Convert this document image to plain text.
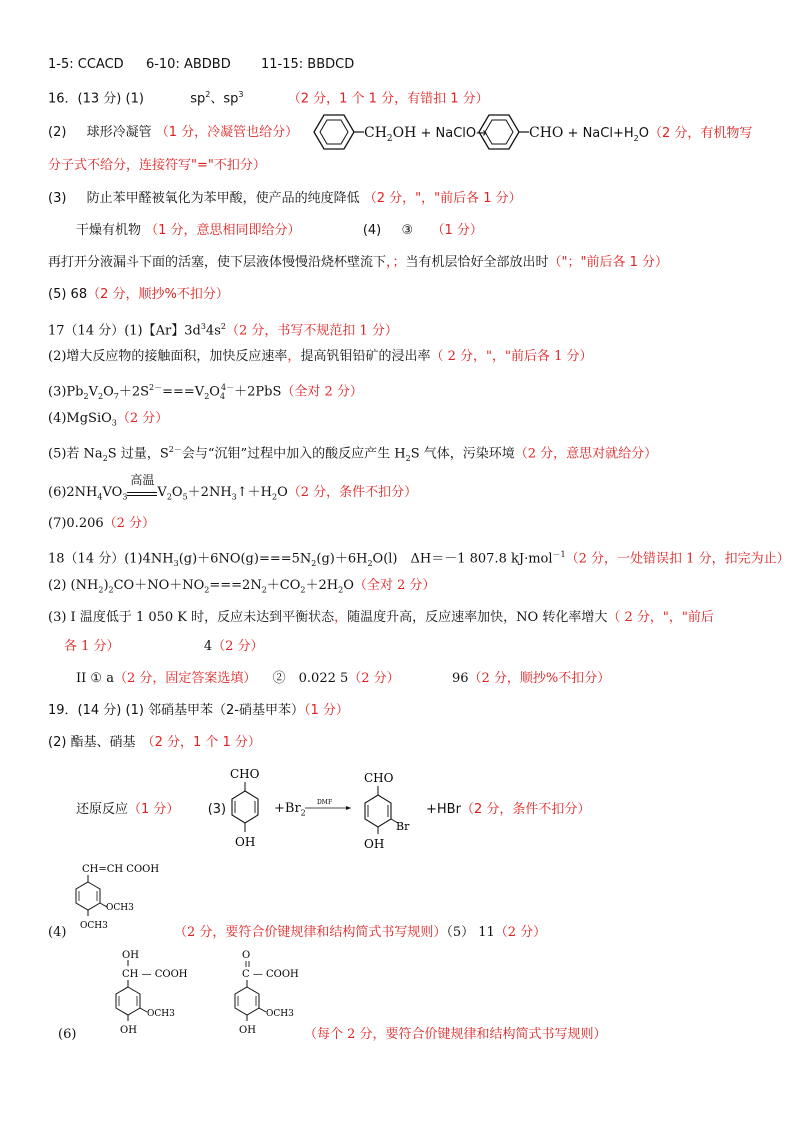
1-5: CCACD 6-10: ABDBD 11-15: BBDCD
16．(13 分) (1)	$sp^2$、$sp^3$	（2 分，1 个 1 分，有错扣 1 分）
(2) 球形冷凝管 （1 分，冷凝管也给分）	$CH_2OH$ + NaClO→	CHO + $NaCl+H_2O(2$ 分，有机物写
分子式不给分，连接符写"="不扣分）
(3) 防止苯甲醛被氧化为苯甲酸，使产品的纯度降低 （2 分，"，"前后各 1 分）
干燥有机物 （1 分，意思相同即给分）	(4) ③ （1 分）
再打开分液漏斗下面的活塞，使下层液体慢慢沿烧杯壁流下，；当有机层恰好全部放出时（"；"前后各 1 分）
(5) 68（2 分，顺抄%不扣分）
17（14 分）(1)【Ar】$3d^34s^2(2$ 分，书写不规范扣 1 分）
(2)增大反应物的接触面积，加快反应速率，提高钒钼铅矿的浸出率（ 2 分，"，"前后各 1 分）
$(3)Pb_2V_2O_7+2S^{2-}===V_2O_4^{4-}+2PbS$（全对 2 分）
(4)MgSiO$_3$（2 分）
(5)若 $Na_2S$ 过量，$S^{2-}$会与“沉钼”过程中加入的酸反应产生 $H_2S$ 气体，污染环境（2 分，意思对就给分）
$(6)2NH_4VO_3$
高温
$V_2O_5+2NH_3↑+H_2O(2$ 分，条件不扣分）
(7)0.206（2 分）
18（14 分）$(1)4NH_3(g)+6NO(g)===5N_2(g)+6H_2O(l)$　ΔH＝－1 807.8 kJ·mol$^{-1}$（2 分，一处错误扣 1 分，扣完为止）
(2) $(NH_2)_2CO+NO+NO_2===2N_2+CO_2+2H_2O$（全对 2 分）
(3) I 温度低于 1 050 K 时，反应未达到平衡状态，随温度升高，反应速率加快，NO 转化率增大（ 2 分，"，"前后
各 1 分）	4（2 分）
II ① a（2 分，固定答案选填） ②　0.022 5（2 分）	96（2 分，顺抄%不扣分）
19．(14 分) (1) 邻硝基甲苯（2-硝基甲苯）（1 分）
(2) 酯基、硝基 （2 分，1 个 1 分）
还原反应（1 分） (3)
CHO
OH
$+Br_2$
DMF
CHO
Br
OH
+HBr（2 分，条件不扣分）
CH=CH COOH
OCH3
OCH3
(4)	（2 分，要符合价键规律和结构简式书写规则）（5） 11（2 分）
OH
CH — COOH
OCH3
OH
O
C — COOH
OCH3
OH
(6)	（每个 2 分，要符合价键规律和结构简式书写规则）
